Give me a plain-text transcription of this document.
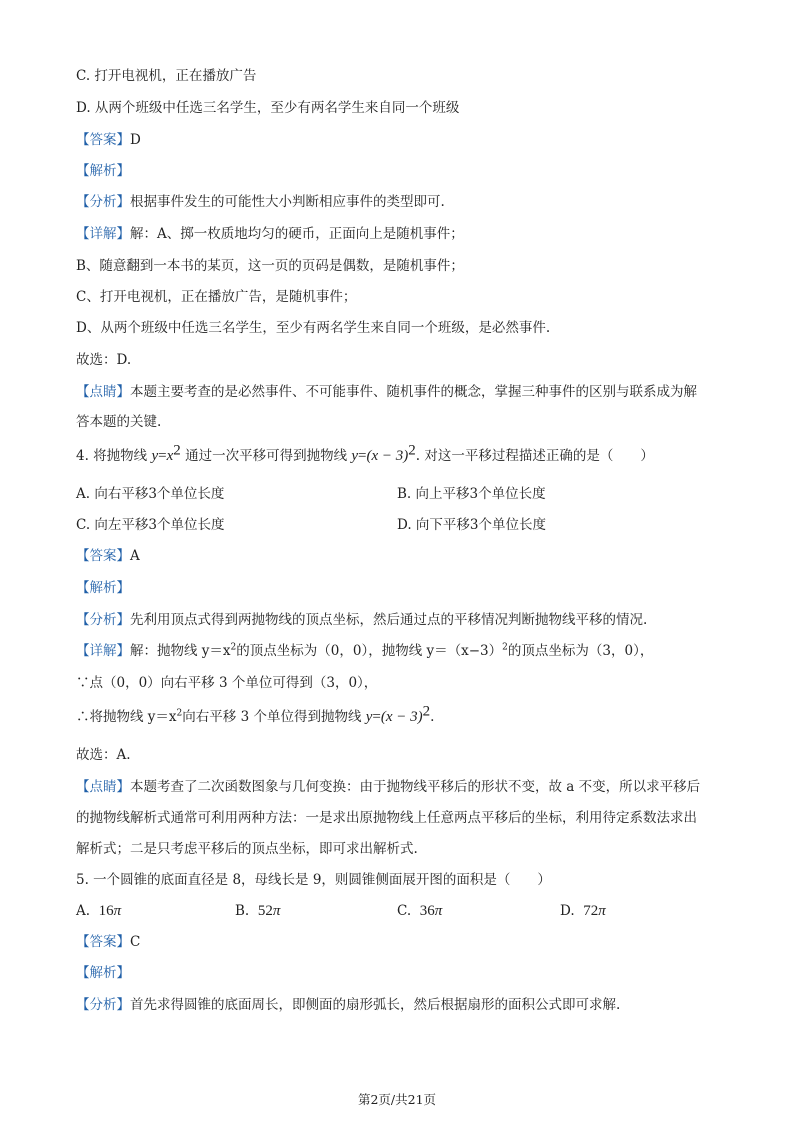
C. 打开电视机，正在播放广告
D. 从两个班级中任选三名学生，至少有两名学生来自同一个班级
【答案】D
【解析】
【分析】根据事件发生的可能性大小判断相应事件的类型即可.
【详解】解：A、掷一枚质地均匀的硬币，正面向上是随机事件；
B、随意翻到一本书的某页，这一页的页码是偶数，是随机事件；
C、打开电视机，正在播放广告，是随机事件；
D、从两个班级中任选三名学生，至少有两名学生来自同一个班级，是必然事件.
故选：D.
【点睛】本题主要考查的是必然事件、不可能事件、随机事件的概念，掌握三种事件的区别与联系成为解
答本题的关键.
4. 将抛物线 $y=x^2$ 通过一次平移可得到抛物线 $y=(x - 3)^2$. 对这一平移过程描述正确的是（　　）
A. 向右平移3个单位长度	B. 向上平移3个单位长度
C. 向左平移3个单位长度	D. 向下平移3个单位长度
【答案】A
【解析】
【分析】先利用顶点式得到两抛物线的顶点坐标，然后通过点的平移情况判断抛物线平移的情况.
【详解】解：抛物线 $y=x^2$的顶点坐标为（0，0），抛物线 $y=(x-3)^2$的顶点坐标为（3，0），
∵点（0，0）向右平移 3 个单位可得到（3，0），
∴将抛物线 $y=x^2$向右平移 3 个单位得到抛物线 $y=(x - 3)^2$.
故选：A.
【点睛】本题考查了二次函数图象与几何变换：由于抛物线平移后的形状不变，故 a 不变，所以求平移后
的抛物线解析式通常可利用两种方法：一是求出原抛物线上任意两点平移后的坐标，利用待定系数法求出
解析式；二是只考虑平移后的顶点坐标，即可求出解析式.
5. 一个圆锥的底面直径是 8，母线长是 9，则圆锥侧面展开图的面积是（　　）
A. 16π	B. 52π	C. 36π	D. 72π
【答案】C
【解析】
【分析】首先求得圆锥的底面周长，即侧面的扇形弧长，然后根据扇形的面积公式即可求解.
第2页/共21页
